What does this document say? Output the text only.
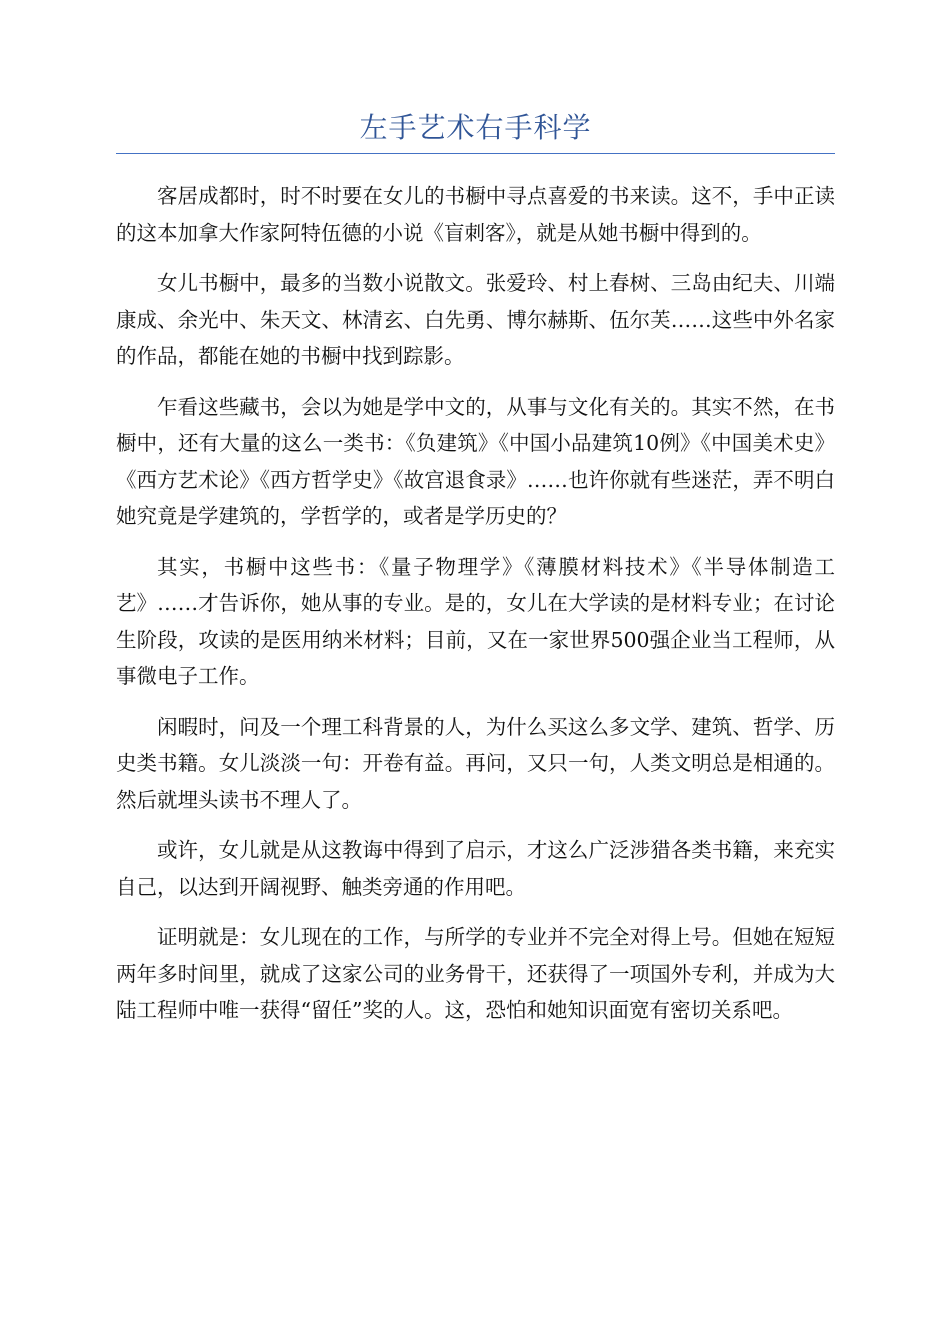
左手艺术右手科学

客居成都时，时不时要在女儿的书橱中寻点喜爱的书来读。这不，手中正读的这本加拿大作家阿特伍德的小说《盲刺客》，就是从她书橱中得到的。

女儿书橱中，最多的当数小说散文。张爱玲、村上春树、三岛由纪夫、川端康成、余光中、朱天文、林清玄、白先勇、博尔赫斯、伍尔芙……这些中外名家的作品，都能在她的书橱中找到踪影。

乍看这些藏书，会以为她是学中文的，从事与文化有关的。其实不然，在书橱中，还有大量的这么一类书：《负建筑》《中国小品建筑10例》《中国美术史》《西方艺术论》《西方哲学史》《故宫退食录》……也许你就有些迷茫，弄不明白她究竟是学建筑的，学哲学的，或者是学历史的？

其实，书橱中这些书：《量子物理学》《薄膜材料技术》《半导体制造工艺》……才告诉你，她从事的专业。是的，女儿在大学读的是材料专业；在讨论生阶段，攻读的是医用纳米材料；目前，又在一家世界500强企业当工程师，从事微电子工作。

闲暇时，问及一个理工科背景的人，为什么买这么多文学、建筑、哲学、历史类书籍。女儿淡淡一句：开卷有益。再问，又只一句，人类文明总是相通的。然后就埋头读书不理人了。

或许，女儿就是从这教诲中得到了启示，才这么广泛涉猎各类书籍，来充实自己，以达到开阔视野、触类旁通的作用吧。

证明就是：女儿现在的工作，与所学的专业并不完全对得上号。但她在短短两年多时间里，就成了这家公司的业务骨干，还获得了一项国外专利，并成为大陆工程师中唯一获得“留任”奖的人。这，恐怕和她知识面宽有密切关系吧。
